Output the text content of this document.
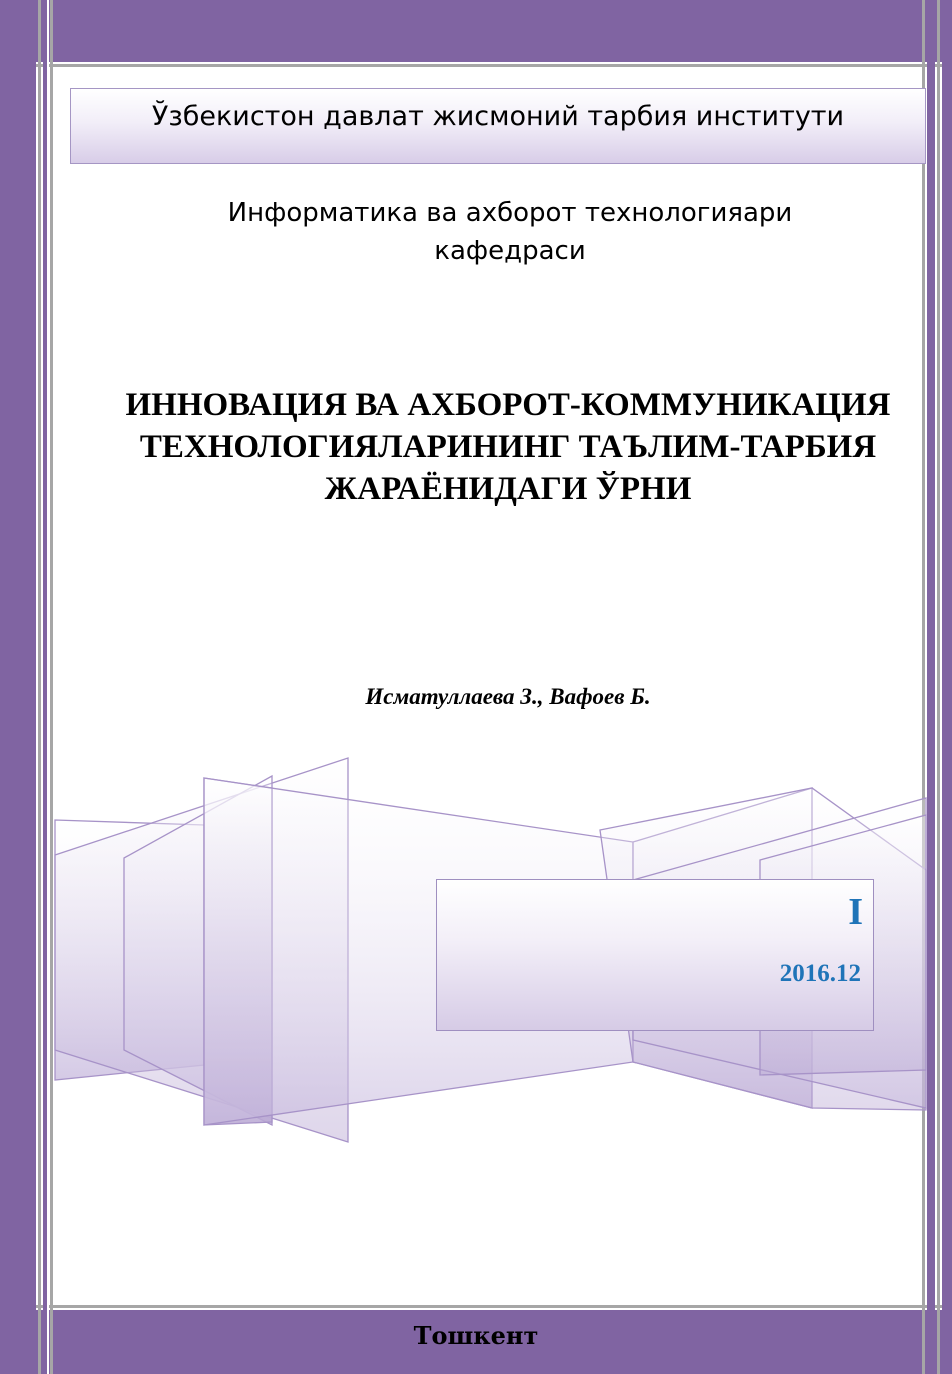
Ўзбекистон давлат жисмоний тарбия институти
Информатика ва ахборот технологияари
кафедраси
ИННОВАЦИЯ ВА АХБОРОТ-КОММУНИКАЦИЯ
ТЕХНОЛОГИЯЛАРИНИНГ ТАЪЛИМ-ТАРБИЯ
ЖАРАЁНИДАГИ ЎРНИ
Исматуллаева З., Вафоев Б.
I
2016.12
Тошкент
